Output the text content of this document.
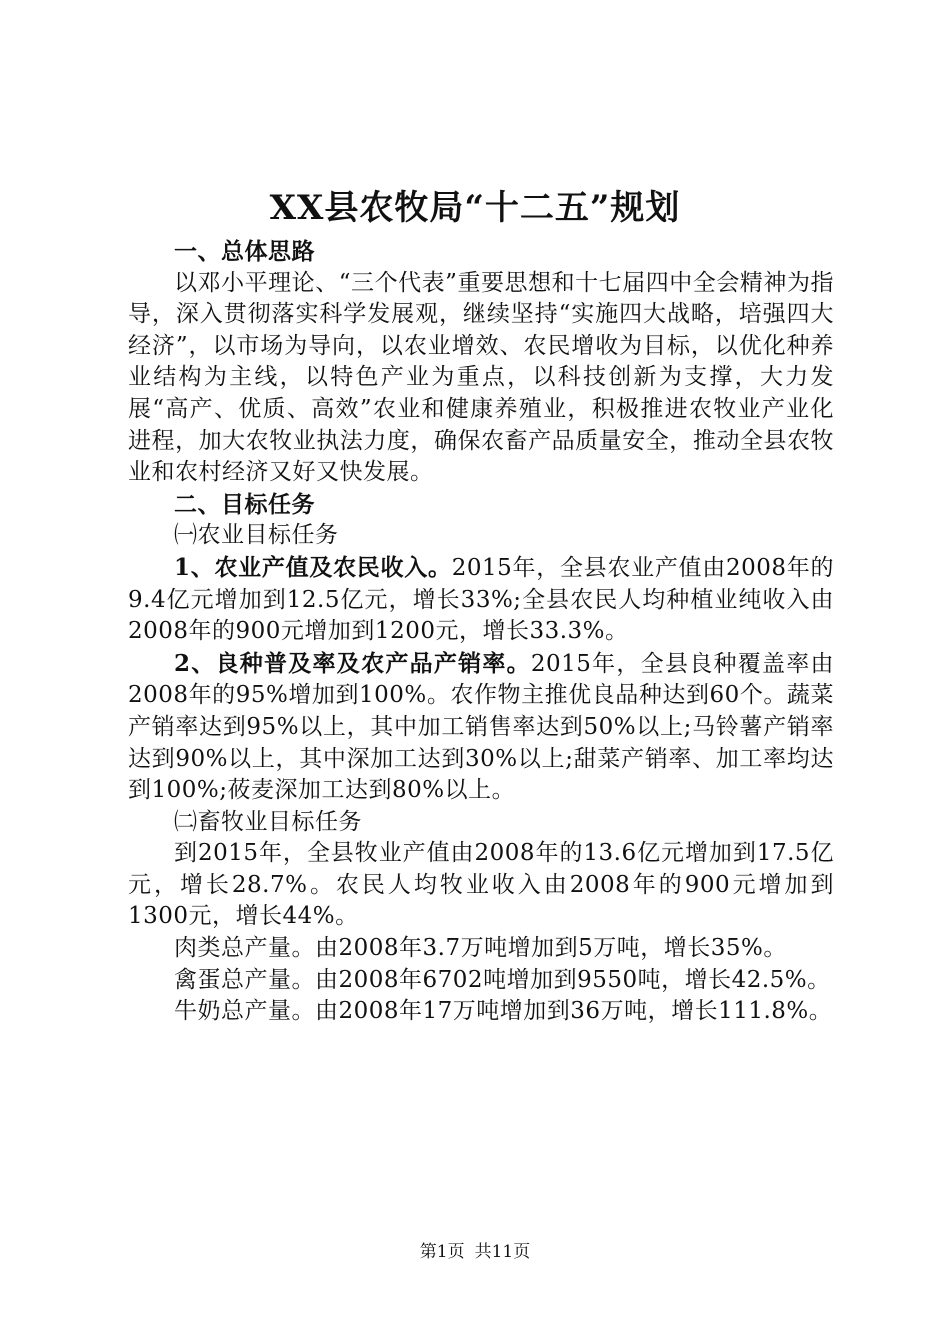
XX县农牧局“十二五”规划

一、总体思路

以邓小平理论、“三个代表”重要思想和十七届四中全会精神为指导，深入贯彻落实科学发展观，继续坚持“实施四大战略，培强四大经济”，以市场为导向，以农业增效、农民增收为目标，以优化种养业结构为主线，以特色产业为重点，以科技创新为支撑，大力发展“高产、优质、高效”农业和健康养殖业，积极推进农牧业产业化进程，加大农牧业执法力度，确保农畜产品质量安全，推动全县农牧业和农村经济又好又快发展。

二、目标任务

㈠农业目标任务

1、农业产值及农民收入。2015年，全县农业产值由2008年的9.4亿元增加到12.5亿元，增长33%;全县农民人均种植业纯收入由2008年的900元增加到1200元，增长33.3%。

2、良种普及率及农产品产销率。2015年，全县良种覆盖率由2008年的95%增加到100%。农作物主推优良品种达到60个。蔬菜产销率达到95%以上，其中加工销售率达到50%以上;马铃薯产销率达到90%以上，其中深加工达到30%以上;甜菜产销率、加工率均达到100%;莜麦深加工达到80%以上。

㈡畜牧业目标任务

到2015年，全县牧业产值由2008年的13.6亿元增加到17.5亿元，增长28.7%。农民人均牧业收入由2008年的900元增加到1300元，增长44%。

肉类总产量。由2008年3.7万吨增加到5万吨，增长35%。

禽蛋总产量。由2008年6702吨增加到9550吨，增长42.5%。

牛奶总产量。由2008年17万吨增加到36万吨，增长111.8%。

第1页 共11页
